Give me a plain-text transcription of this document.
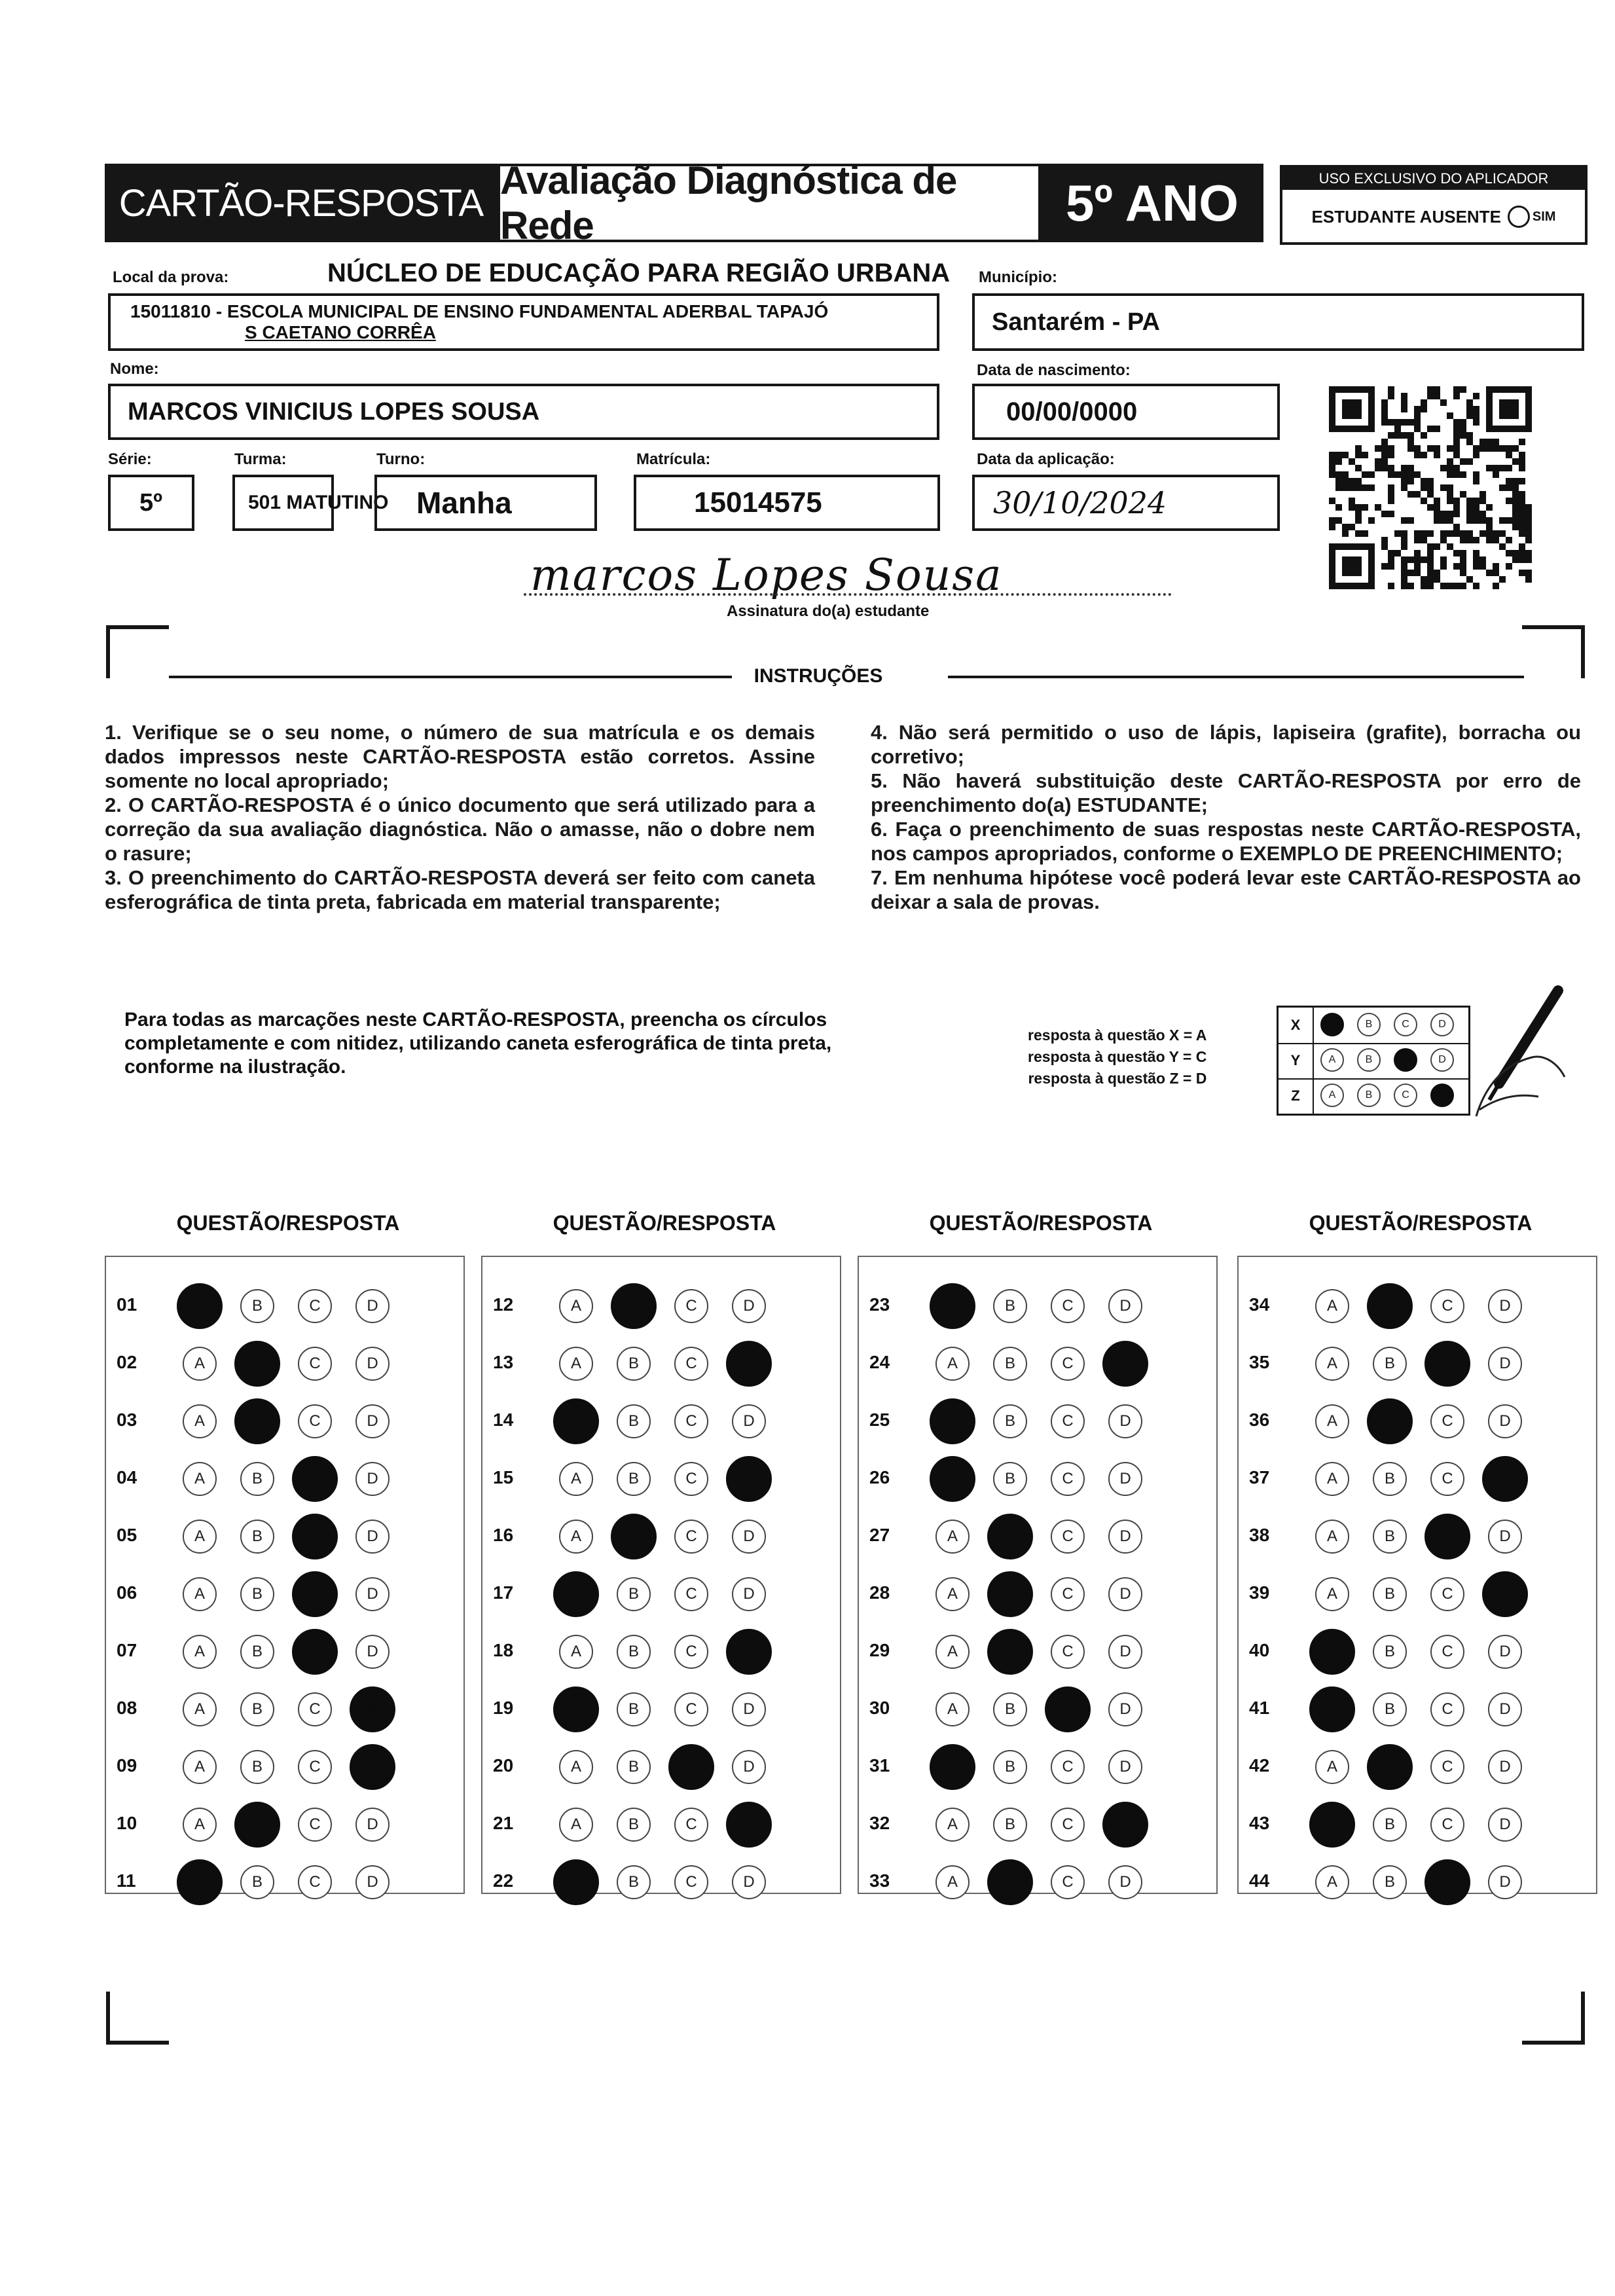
CARTÃO-RESPOSTA
Avaliação Diagnóstica de Rede	5º ANO	USO EXCLUSIVO DO APLICADOR
ESTUDANTE AUSENTE SIM
Local da prova:	NÚCLEO DE EDUCAÇÃO PARA REGIÃO URBANA
15011810 - ESCOLA MUNICIPAL DE ENSINO FUNDAMENTAL ADERBAL TAPAJÓ
S CAETANO CORRÊA
Município:
Santarém - PA
Nome:
MARCOS VINICIUS LOPES SOUSA
Data de nascimento:
00/00/0000
Série:
5º
Turma:
501 MATUTINO
Turno:
Manha
Matrícula:
15014575
Data da aplicação:
30/10/2024
marcos Lopes Sousa
Assinatura do(a) estudante
INSTRUÇÕES

1. Verifique se o seu nome, o número de sua matrícula e os demais dados impressos neste CARTÃO-RESPOSTA estão corretos. Assine somente no local apropriado;

2. O CARTÃO-RESPOSTA é o único documento que será utilizado para a correção da sua avaliação diagnóstica. Não o amasse, não o dobre nem o rasure;

3. O preenchimento do CARTÃO-RESPOSTA deverá ser feito com caneta esferográfica de tinta preta, fabricada em material transparente;

4. Não será permitido o uso de lápis, lapiseira (grafite), borracha ou corretivo;

5. Não haverá substituição deste CARTÃO-RESPOSTA por erro de preenchimento do(a) ESTUDANTE;

6. Faça o preenchimento de suas respostas neste CARTÃO-RESPOSTA, nos campos apropriados, conforme o EXEMPLO DE PREENCHIMENTO;

7. Em nenhuma hipótese você poderá levar este CARTÃO-RESPOSTA ao deixar a sala de provas.

Para todas as marcações neste CARTÃO-RESPOSTA, preencha os círculos completamente e com nitidez, utilizando caneta esferográfica de tinta preta, conforme na ilustração.
resposta à questão X = A
resposta à questão Y = C
resposta à questão Z = D
X	A	B	C	D
Y	A	B	C	D
Z	A	B	C	D
QUESTÃO/RESPOSTA
01	A	B	C	D
02	A	B	C	D
03	A	B	C	D
04	A	B	C	D
05	A	B	C	D
06	A	B	C	D
07	A	B	C	D
08	A	B	C	D
09	A	B	C	D
10	A	B	C	D
11	A	B	C	D
QUESTÃO/RESPOSTA
12	A	B	C	D
13	A	B	C	D
14	A	B	C	D
15	A	B	C	D
16	A	B	C	D
17	A	B	C	D
18	A	B	C	D
19	A	B	C	D
20	A	B	C	D
21	A	B	C	D
22	A	B	C	D
QUESTÃO/RESPOSTA
23	A	B	C	D
24	A	B	C	D
25	A	B	C	D
26	A	B	C	D
27	A	B	C	D
28	A	B	C	D
29	A	B	C	D
30	A	B	C	D
31	A	B	C	D
32	A	B	C	D
33	A	B	C	D
QUESTÃO/RESPOSTA
34	A	B	C	D
35	A	B	C	D
36	A	B	C	D
37	A	B	C	D
38	A	B	C	D
39	A	B	C	D
40	A	B	C	D
41	A	B	C	D
42	A	B	C	D
43	A	B	C	D
44	A	B	C	D
